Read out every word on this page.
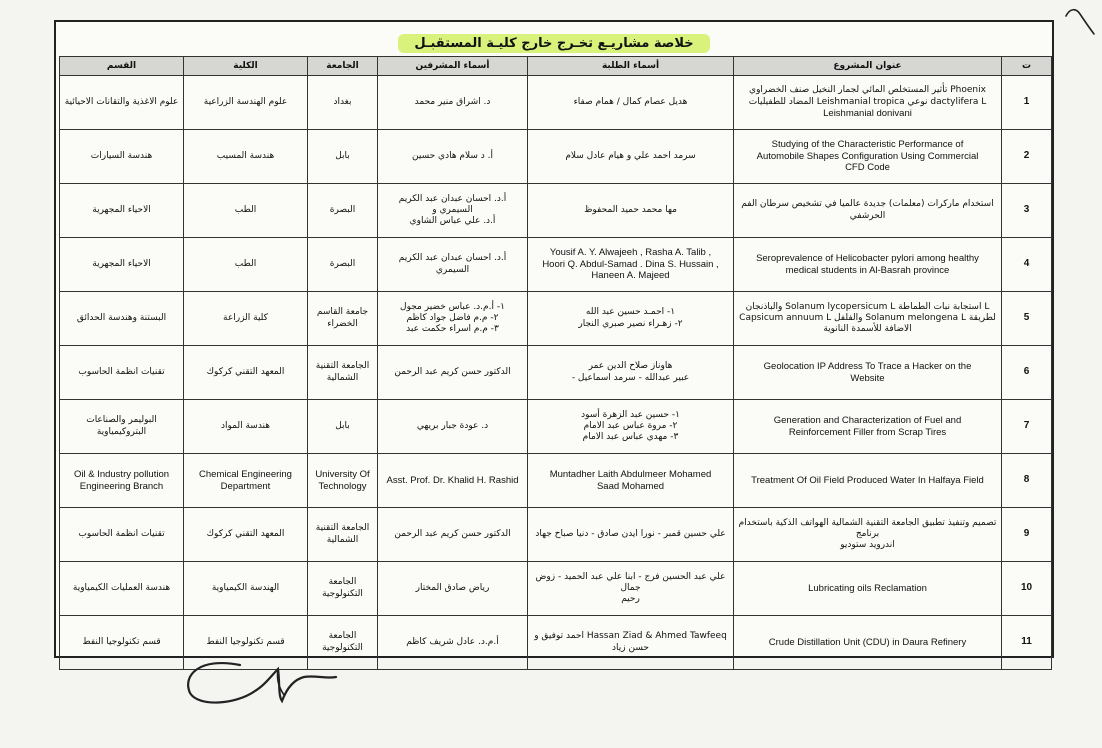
خلاصة مشاريـع تخـرج خارج كليـة المستقبـل
القسم	الكلية	الجامعة	أسماء المشرفين	أسماء الطلبة	عنوان المشروع	ت

علوم الاغذية والتقانات الاحيائية	علوم الهندسة الزراعية	بغداد	د. اشراق منير محمد	هديل عصام كمال / همام صفاء	Phoenix تأثير المستخلص المائي لجمار النخيل صنف الخضراوي
dactylifera L نوعي Leishmanial tropica المضاد للطفيليات
Leishmanial donivani	1

هندسة السيارات	هندسة المسيب	بابل	أ. د سلام هادي حسين	سرمد احمد علي و هيام عادل سلام	Studying of the Characteristic Performance of
Automobile Shapes Configuration Using Commercial
CFD Code	2

الاحياء المجهرية	الطب	البصرة	أ.د. احسان عبدان عبد الكريم السيمري و
أ.د. علي عباس الشاوي	مها محمد حميد المحفوظ	استخدام ماركرات (معلمات) جديدة عالميا في تشخيص سرطان الفم الحرشفي	3

الاحياء المجهرية	الطب	البصرة	أ.د. احسان عبدان عبد الكريم السيمري	Yousif A. Y. Alwajeeh , Rasha A. Talib ,
Hoori Q. Abdul-Samad . Dina S. Hussain ,
Haneen A. Majeed	Seroprevalence of Helicobacter pylori among healthy
medical students in Al-Basrah province	4

البستنة وهندسة الحدائق	كلية الزراعة	جامعة القاسم الخضراء	١- أ.م.د. عباس خضير مجول
٢- م.م فاضل جواد كاظم
٣- م.م اسراء حكمت عبد	١- احمـد حسين عبد الله
٢- زهـراء نصير صبري النجار	L استجابة نبات الطماطة Solanum lycopersicum L والباذنجان
لطريقة Solanum melongena L والفلفل Capsicum annuum L
الاضافة للأسمدة النانوية	5

تقنيات انظمة الحاسوب	المعهد التقني كركوك	الجامعة التقنية الشمالية	الدكتور حسن كريم عبد الرحمن	هاوناز صلاح الدين عمر
عبير عبدالله - سرمد اسماعيل -	Geolocation IP Address To Trace a Hacker on the
Website	6

البوليمر والصناعات البتروكيمياوية	هندسة المواد	بابل	د. عودة جبار بريهي	١- حسين عبد الزهرة أسود
٢- مروة عباس عبد الامام
٣- مهدي عباس عبد الامام	Generation and Characterization of Fuel and
Reinforcement Filler from Scrap Tires	7

Oil & Industry pollution
Engineering Branch	Chemical Engineering
Department	University Of
Technology	Asst. Prof. Dr. Khalid H. Rashid	Muntadher Laith Abdulmeer Mohamed
Saad Mohamed	Treatment Of Oil Field Produced Water In Halfaya Field	8

تقنيات انظمة الحاسوب	المعهد التقني كركوك	الجامعة التقنية الشمالية	الدكتور حسن كريم عبد الرحمن	علي حسين قمبر - نورا ايدن صادق - دنيا صباح جهاد	تصميم وتنفيذ تطبيق الجامعة التقنية الشمالية الهواتف الذكية باستخدام برنامج
اندرويد ستوديو	9

هندسة العمليات الكيمياوية	الهندسة الكيمياوية	الجامعة التكنولوجية	رياض صادق المختار	علي عبد الحسين فرج - ابنا علي عبد الحميد - زوض جمال
رحيم	Lubricating oils Reclamation	10

قسم تكنولوجيا النفط	قسم تكنولوجيا النفط	الجامعة التكنولوجية	أ.م.د. عادل شريف كاظم	Hassan Ziad & Ahmed Tawfeeq احمد توفيق و
حسن زياد	Crude Distillation Unit (CDU) in Daura Refinery	11
